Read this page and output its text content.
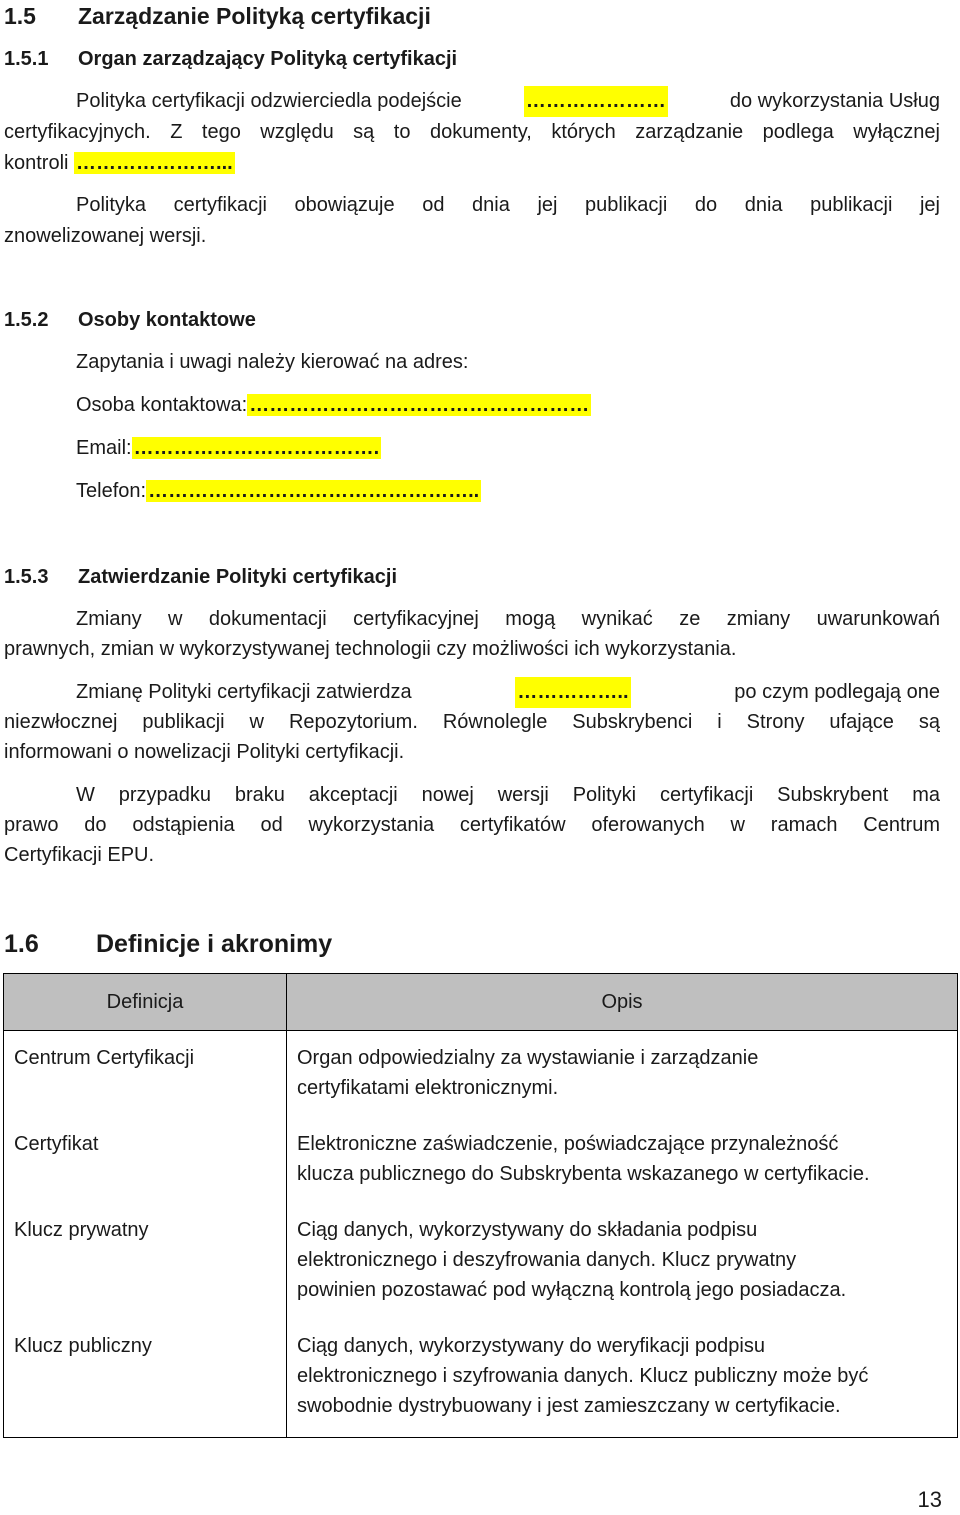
1.5 Zarządzanie Polityką certyfikacji
1.5.1 Organ zarządzający Polityką certyfikacji
Polityka certyfikacji odzwierciedla podejście	…………………	do wykorzystania Usług
certyfikacyjnych. Z tego względu są to dokumenty, których zarządzanie podlega wyłącznej
kontroli …………………...
Polityka certyfikacji obowiązuje od dnia jej publikacji do dnia publikacji jej
znowelizowanej wersji.
1.5.2 Osoby kontaktowe
Zapytania i uwagi należy kierować na adres:
Osoba kontaktowa: ……………………………………………
Email: ……………………………….
Telefon: …………………………………………..
1.5.3 Zatwierdzanie Polityki certyfikacji
Zmiany w dokumentacji certyfikacyjnej mogą wynikać ze zmiany uwarunkowań
prawnych, zmian w wykorzystywanej technologii czy możliwości ich wykorzystania.
Zmianę Polityki certyfikacji zatwierdza	……………..	po czym podlegają one
niezwłocznej publikacji w Repozytorium. Równolegle Subskrybenci i Strony ufające są
informowani o nowelizacji Polityki certyfikacji.
W przypadku braku akceptacji nowej wersji Polityki certyfikacji Subskrybent ma
prawo do odstąpienia od wykorzystania certyfikatów oferowanych w ramach Centrum
Certyfikacji EPU.
1.6 Definicje i akronimy
Definicja	Opis
Centrum Certyfikacji	Organ odpowiedzialny za wystawianie i zarządzanie
certyfikatami elektronicznymi.

Certyfikat	Elektroniczne zaświadczenie, poświadczające przynależność
klucza publicznego do Subskrybenta wskazanego w certyfikacie.

Klucz prywatny	Ciąg danych, wykorzystywany do składania podpisu
elektronicznego i deszyfrowania danych. Klucz prywatny
powinien pozostawać pod wyłączną kontrolą jego posiadacza.

Klucz publiczny	Ciąg danych, wykorzystywany do weryfikacji podpisu
elektronicznego i szyfrowania danych. Klucz publiczny może być
swobodnie dystrybuowany i jest zamieszczany w certyfikacie.
13
